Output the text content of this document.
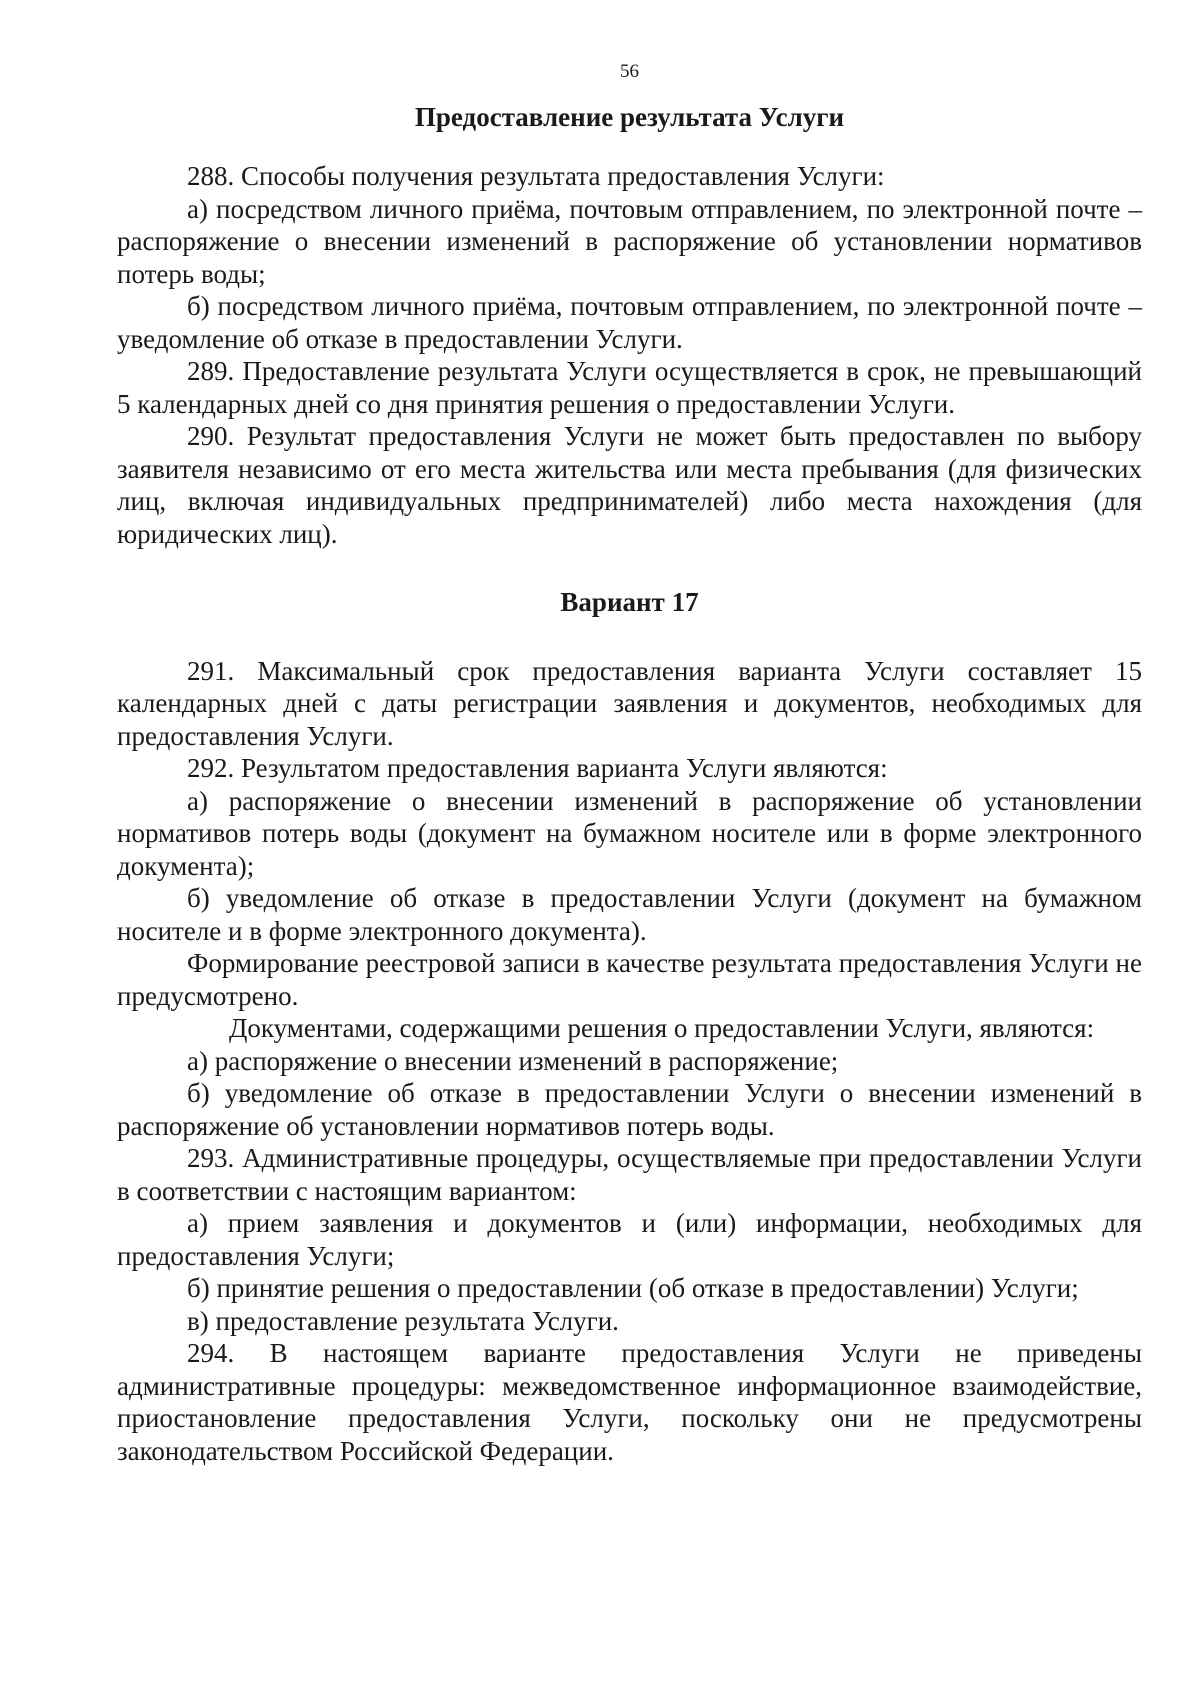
56
Предоставление результата Услуги

288. Способы получения результата предоставления Услуги:

а) посредством личного приёма, почтовым отправлением, по электронной почте – распоряжение о внесении изменений в распоряжение об установлении нормативов потерь воды;

б) посредством личного приёма, почтовым отправлением, по электронной почте – уведомление об отказе в предоставлении Услуги.

289. Предоставление результата Услуги осуществляется в срок, не превышающий 5 календарных дней со дня принятия решения о предоставлении Услуги.

290. Результат предоставления Услуги не может быть предоставлен по выбору заявителя независимо от его места жительства или места пребывания (для физических лиц, включая индивидуальных предпринимателей) либо места нахождения (для юридических лиц).

Вариант 17

291. Максимальный срок предоставления варианта Услуги составляет 15 календарных дней с даты регистрации заявления и документов, необходимых для предоставления Услуги.

292. Результатом предоставления варианта Услуги являются:

а) распоряжение о внесении изменений в распоряжение об установлении нормативов потерь воды (документ на бумажном носителе или в форме электронного документа);

б) уведомление об отказе в предоставлении Услуги (документ на бумажном носителе и в форме электронного документа).

Формирование реестровой записи в качестве результата предоставления Услуги не предусмотрено.

Документами, содержащими решения о предоставлении Услуги, являются:

а) распоряжение о внесении изменений в распоряжение;

б) уведомление об отказе в предоставлении Услуги о внесении изменений в распоряжение об установлении нормативов потерь воды.

293. Административные процедуры, осуществляемые при предоставлении Услуги в соответствии с настоящим вариантом:

а) прием заявления и документов и (или) информации, необходимых для предоставления Услуги;

б) принятие решения о предоставлении (об отказе в предоставлении) Услуги;

в) предоставление результата Услуги.

294. В настоящем варианте предоставления Услуги не приведены административные процедуры: межведомственное информационное взаимодействие, приостановление предоставления Услуги, поскольку они не предусмотрены законодательством Российской Федерации.
